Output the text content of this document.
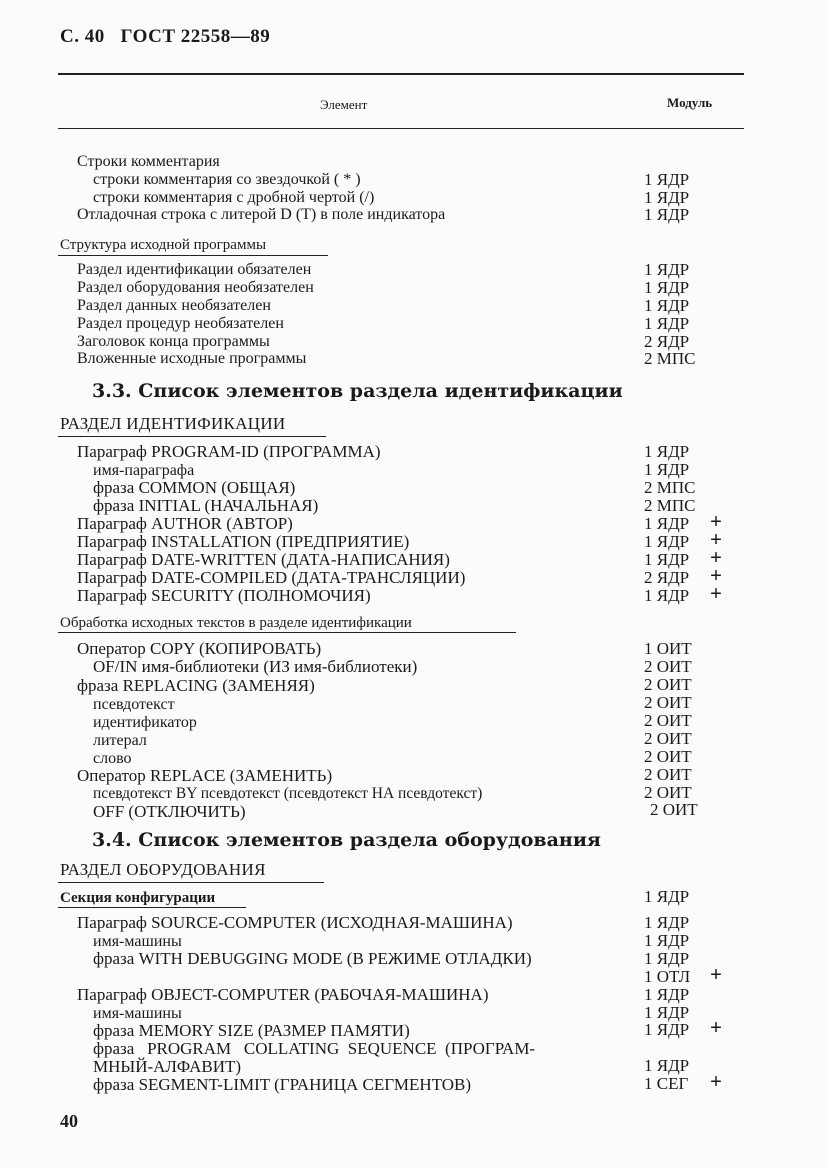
С. 40   ГОСТ 22558—89
Элемент	Модуль
Строки комментария
строки комментария со звездочкой ( * )	1 ЯДР
строки комментария с дробной чертой (/)	1 ЯДР
Отладочная строка с литерой D (Т) в поле индикатора	1 ЯДР
Структура исходной программы
Раздел идентификации обязателен	1 ЯДР
Раздел оборудования необязателен	1 ЯДР
Раздел данных необязателен	1 ЯДР
Раздел процедур необязателен	1 ЯДР
Заголовок конца программы	2 ЯДР
Вложенные исходные программы	2 МПС
3.3. Список элементов раздела идентификации
РАЗДЕЛ ИДЕНТИФИКАЦИИ
Параграф PROGRAM-ID (ПРОГРАММА)	1 ЯДР
имя-параграфа	1 ЯДР
фраза COMMON (ОБЩАЯ)	2 МПС
фраза INITIAL (НАЧАЛЬНАЯ)	2 МПС
Параграф AUTHOR (АВТОР)	1 ЯДР +
Параграф INSTALLATION (ПРЕДПРИЯТИЕ)	1 ЯДР +
Параграф DATE-WRITTEN (ДАТА-НАПИСАНИЯ)	1 ЯДР +
Параграф DATE-COMPILED (ДАТА-ТРАНСЛЯЦИИ)	2 ЯДР +
Параграф SECURITY (ПОЛНОМОЧИЯ)	1 ЯДР +
Обработка исходных текстов в разделе идентификации
Оператор COPY (КОПИРОВАТЬ)	1 ОИТ
OF/IN имя-библиотеки (ИЗ имя-библиотеки)	2 ОИТ
фраза REPLACING (ЗАМЕНЯЯ)	2 ОИТ
псевдотекст	2 ОИТ
идентификатор	2 ОИТ
литерал	2 ОИТ
слово	2 ОИТ
Оператор REPLACE (ЗАМЕНИТЬ)	2 ОИТ
псевдотекст BY псевдотекст (псевдотекст НА псевдотекст)	2 ОИТ
OFF (ОТКЛЮЧИТЬ)	2 ОИТ
3.4. Список элементов раздела оборудования
РАЗДЕЛ ОБОРУДОВАНИЯ
Секция конфигурации	1 ЯДР
Параграф SOURCE-COMPUTER (ИСХОДНАЯ-МАШИНА)	1 ЯДР
имя-машины	1 ЯДР
фраза WITH DEBUGGING MODE (В РЕЖИМЕ ОТЛАДКИ)	1 ЯДР
1 ОТЛ +
Параграф OBJECT-COMPUTER (РАБОЧАЯ-МАШИНА)	1 ЯДР
имя-машины	1 ЯДР
фраза MEMORY SIZE (РАЗМЕР ПАМЯТИ)	1 ЯДР +
фраза   PROGRAM   COLLATING  SEQUENCE  (ПРОГРАМ-
МНЫЙ-АЛФАВИТ)	1 ЯДР
фраза SEGMENT-LIMIT (ГРАНИЦА СЕГМЕНТОВ)	1 СЕГ +
40
